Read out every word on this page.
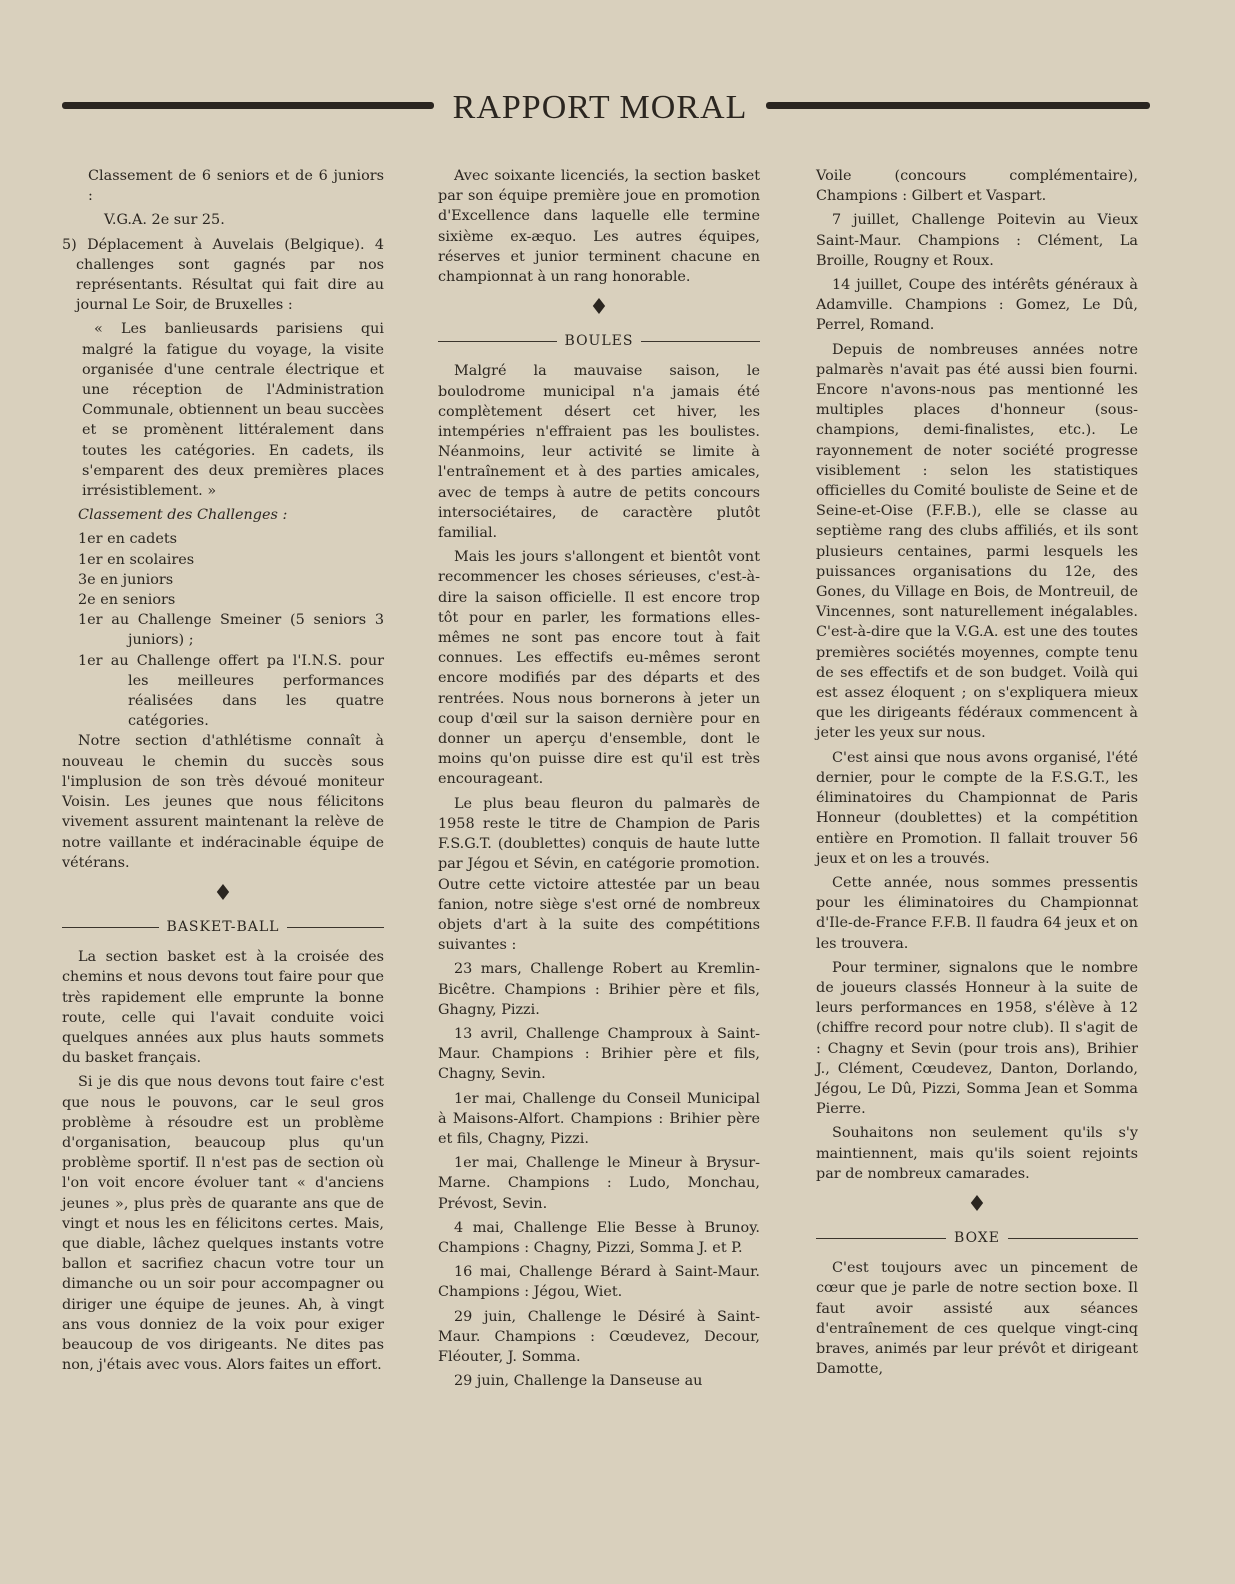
RAPPORT MORAL

Classement de 6 seniors et de 6 juniors :

V.G.A. 2e sur 25.

5) Déplacement à Auvelais (Belgique). 4 challenges sont gagnés par nos représentants. Résultat qui fait dire au journal Le Soir, de Bruxelles :

« Les banlieusards parisiens qui malgré la fatigue du voyage, la visite organisée d'une centrale électrique et une réception de l'Administration Communale, obtiennent un beau succèes et se promènent littéralement dans toutes les catégories. En cadets, ils s'emparent des deux premières places irrésistiblement. »

Classement des Challenges :

1er en cadets
1er en scolaires
3e en juniors
2e en seniors
1er au Challenge Smeiner (5 seniors 3 juniors) ;
1er au Challenge offert pa l'I.N.S. pour les meilleures performances réalisées dans les quatre catégories.

Notre section d'athlétisme connaît à nouveau le chemin du succès sous l'implusion de son très dévoué moniteur Voisin. Les jeunes que nous félicitons vivement assurent maintenant la relève de notre vaillante et indéracinable équipe de vétérans.

♦
BASKET-BALL

La section basket est à la croisée des chemins et nous devons tout faire pour que très rapidement elle emprunte la bonne route, celle qui l'avait conduite voici quelques années aux plus hauts sommets du basket français.

Si je dis que nous devons tout faire c'est que nous le pouvons, car le seul gros problème à résoudre est un problème d'organisation, beaucoup plus qu'un problème sportif. Il n'est pas de section où l'on voit encore évoluer tant « d'anciens jeunes », plus près de quarante ans que de vingt et nous les en félicitons certes. Mais, que diable, lâchez quelques instants votre ballon et sacrifiez chacun votre tour un dimanche ou un soir pour accompagner ou diriger une équipe de jeunes. Ah, à vingt ans vous donniez de la voix pour exiger beaucoup de vos dirigeants. Ne dites pas non, j'étais avec vous. Alors faites un effort.

Avec soixante licenciés, la section basket par son équipe première joue en promotion d'Excellence dans laquelle elle termine sixième ex-æquo. Les autres équipes, réserves et junior terminent chacune en championnat à un rang honorable.

♦
BOULES

Malgré la mauvaise saison, le boulodrome municipal n'a jamais été complètement désert cet hiver, les intempéries n'effraient pas les boulistes. Néanmoins, leur activité se limite à l'entraînement et à des parties amicales, avec de temps à autre de petits concours intersociétaires, de caractère plutôt familial.

Mais les jours s'allongent et bientôt vont recommencer les choses sérieuses, c'est-à-dire la saison officielle. Il est encore trop tôt pour en parler, les formations elles-mêmes ne sont pas encore tout à fait connues. Les effectifs eu-mêmes seront encore modifiés par des départs et des rentrées. Nous nous bornerons à jeter un coup d'œil sur la saison dernière pour en donner un aperçu d'ensemble, dont le moins qu'on puisse dire est qu'il est très encourageant.

Le plus beau fleuron du palmarès de 1958 reste le titre de Champion de Paris F.S.G.T. (doublettes) conquis de haute lutte par Jégou et Sévin, en catégorie promotion. Outre cette victoire attestée par un beau fanion, notre siège s'est orné de nombreux objets d'art à la suite des compétitions suivantes :

23 mars, Challenge Robert au Kremlin-Bicêtre. Champions : Brihier père et fils, Ghagny, Pizzi.

13 avril, Challenge Champroux à Saint-Maur. Champions : Brihier père et fils, Chagny, Sevin.

1er mai, Challenge du Conseil Municipal à Maisons-Alfort. Champions : Brihier père et fils, Chagny, Pizzi.

1er mai, Challenge le Mineur à Brysur-Marne. Champions : Ludo, Monchau, Prévost, Sevin.

4 mai, Challenge Elie Besse à Brunoy. Champions : Chagny, Pizzi, Somma J. et P.

16 mai, Challenge Bérard à Saint-Maur. Champions : Jégou, Wiet.

29 juin, Challenge le Désiré à Saint-Maur. Champions : Cœudevez, Decour, Fléouter, J. Somma.

29 juin, Challenge la Danseuse au

Voile (concours complémentaire), Champions : Gilbert et Vaspart.

7 juillet, Challenge Poitevin au Vieux Saint-Maur. Champions : Clément, La Broille, Rougny et Roux.

14 juillet, Coupe des intérêts généraux à Adamville. Champions : Gomez, Le Dû, Perrel, Romand.

Depuis de nombreuses années notre palmarès n'avait pas été aussi bien fourni. Encore n'avons-nous pas mentionné les multiples places d'honneur (sous-champions, demi-finalistes, etc.). Le rayonnement de noter société progresse visiblement : selon les statistiques officielles du Comité bouliste de Seine et de Seine-et-Oise (F.F.B.), elle se classe au septième rang des clubs affiliés, et ils sont plusieurs centaines, parmi lesquels les puissances organisations du 12e, des Gones, du Village en Bois, de Montreuil, de Vincennes, sont naturellement inégalables. C'est-à-dire que la V.G.A. est une des toutes premières sociétés moyennes, compte tenu de ses effectifs et de son budget. Voilà qui est assez éloquent ; on s'expliquera mieux que les dirigeants fédéraux commencent à jeter les yeux sur nous.

C'est ainsi que nous avons organisé, l'été dernier, pour le compte de la F.S.G.T., les éliminatoires du Championnat de Paris Honneur (doublettes) et la compétition entière en Promotion. Il fallait trouver 56 jeux et on les a trouvés.

Cette année, nous sommes pressentis pour les éliminatoires du Championnat d'Ile-de-France F.F.B. Il faudra 64 jeux et on les trouvera.

Pour terminer, signalons que le nombre de joueurs classés Honneur à la suite de leurs performances en 1958, s'élève à 12 (chiffre record pour notre club). Il s'agit de : Chagny et Sevin (pour trois ans), Brihier J., Clément, Cœudevez, Danton, Dorlando, Jégou, Le Dû, Pizzi, Somma Jean et Somma Pierre.

Souhaitons non seulement qu'ils s'y maintiennent, mais qu'ils soient rejoints par de nombreux camarades.

♦
BOXE

C'est toujours avec un pincement de cœur que je parle de notre section boxe. Il faut avoir assisté aux séances d'entraînement de ces quelque vingt-cinq braves, animés par leur prévôt et dirigeant Damotte,
